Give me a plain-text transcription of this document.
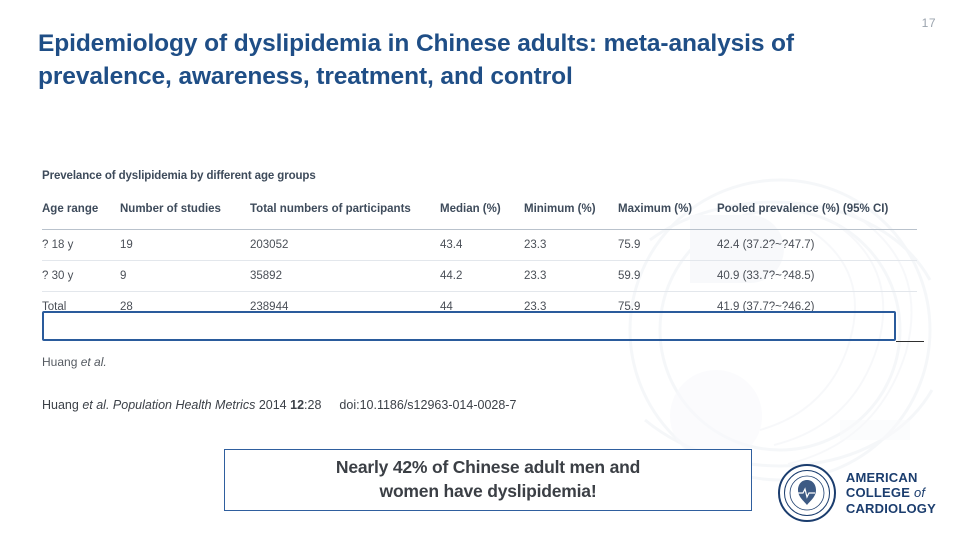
17
Epidemiology of dyslipidemia in Chinese adults: meta-analysis of prevalence, awareness, treatment, and control
Prevelance of dyslipidemia by different age groups
Age range	Number of studies	Total numbers of participants	Median (%)	Minimum (%)	Maximum (%)	Pooled prevalence (%) (95% CI)
? 18 y	19	203052	43.4	23.3	75.9	42.4 (37.2?~?47.7)
? 30 y	9	35892	44.2	23.3	59.9	40.9 (33.7?~?48.5)
Total	28	238944	44	23.3	75.9	41.9 (37.7?~?46.2)
Huang et al.
Huang et al. Population Health Metrics 2014 12:28 doi:10.1186/s12963-014-0028-7
Nearly 42% of Chinese adult men and
women have dyslipidemia!
AMERICAN
COLLEGE of
CARDIOLOGY
